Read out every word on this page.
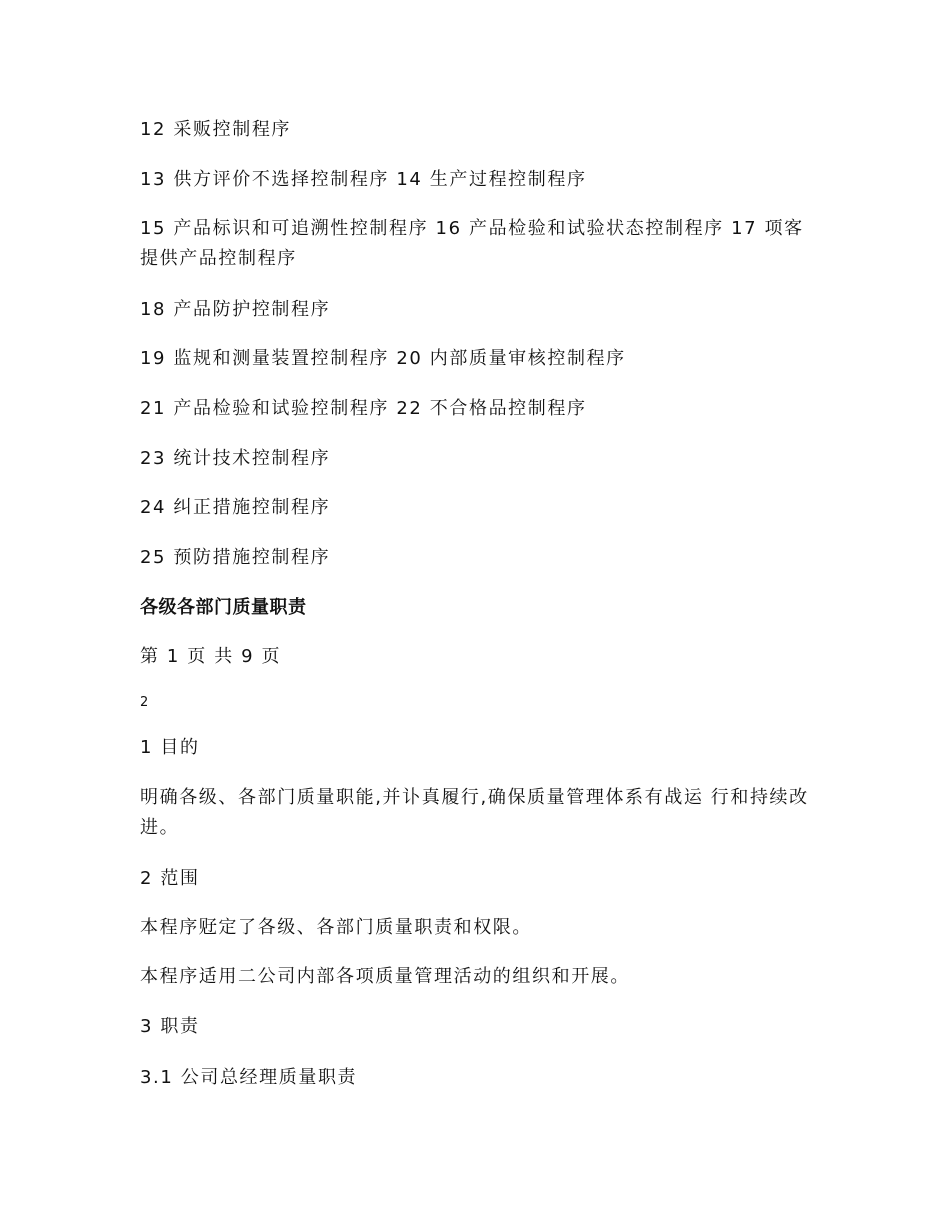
12 采贩控制程序
13 供方评价不选择控制程序 14 生产过程控制程序
15 产品标识和可追溯性控制程序 16 产品检验和试验状态控制程序 17 项客提供产品控制程序
18 产品防护控制程序
19 监规和测量装置控制程序 20 内部质量审核控制程序
21 产品检验和试验控制程序 22 不合格品控制程序
23 统计技术控制程序
24 纠正措施控制程序
25 预防措施控制程序
各级各部门质量职责
第 1 页 共 9 页
2
1 目的
明确各级、各部门质量职能,并讣真履行,确保质量管理体系有战运 行和持续改进。
2 范围
本程序觃定了各级、各部门质量职责和权限。
本程序适用二公司内部各项质量管理活动的组织和开展。
3 职责
3.1 公司总经理质量职责
